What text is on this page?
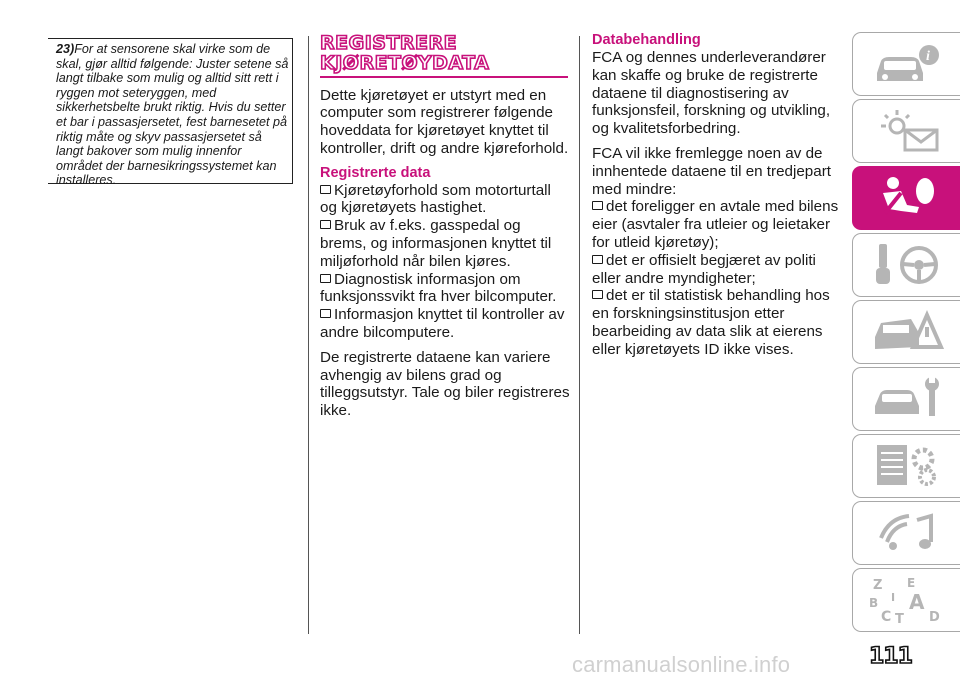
23)For at sensorene skal virke som de skal, gjør alltid følgende: Juster setene så langt tilbake som mulig og alltid sitt rett i ryggen mot seteryggen, med sikkerhetsbelte brukt riktig. Hvis du setter et bar i passasjersetet, fest barnesetet på riktig måte og skyv passasjersetet så langt bakover som mulig innenfor området der barnesikringssystemet kan installeres.
REGISTRERE
KJØRETØYDATA

Dette kjøretøyet er utstyrt med en computer som registrerer følgende hoveddata for kjøretøyet knyttet til kontroller, drift og andre kjøreforhold.

Registrerte data

Kjøretøyforhold som motorturtall og kjøretøyets hastighet.

Bruk av f.eks. gasspedal og brems, og informasjonen knyttet til miljøforhold når bilen kjøres.

Diagnostisk informasjon om funksjonssvikt fra hver bilcomputer.

Informasjon knyttet til kontroller av andre bilcomputere.

De registrerte dataene kan variere avhengig av bilens grad og tilleggsutstyr. Tale og biler registreres ikke.

Databehandling

FCA og dennes underleverandører kan skaffe og bruke de registrerte dataene til diagnostisering av funksjonsfeil, forskning og utvikling, og kvalitetsforbedring.

FCA vil ikke fremlegge noen av de innhentede dataene til en tredjepart med mindre:

det foreligger en avtale med bilens eier (asvtaler fra utleier og leietaker for utleid kjøretøy);

det er offisielt begjæret av politi eller andre myndigheter;

det er til statistisk behandling hos en forskningsinstitusjon etter bearbeiding av data slik at eierens eller kjøretøyets ID ikke vises.

i
Z E
B A
C T D
I
111
carmanualsonline.info
